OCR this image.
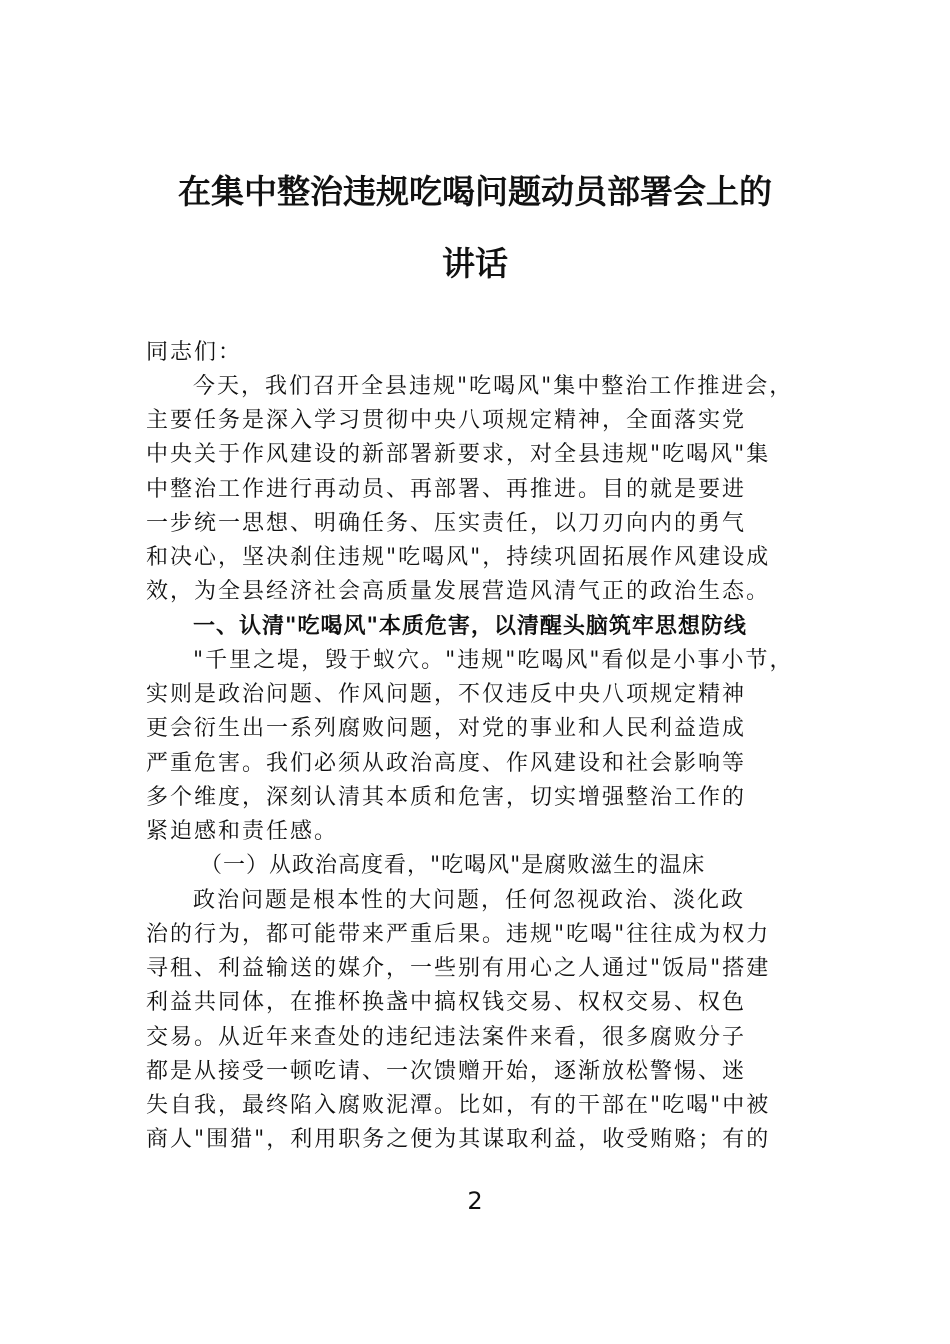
在集中整治违规吃喝问题动员部署会上的
讲话
同志们：
今天，我们召开全县违规"吃喝风"集中整治工作推进会，
主要任务是深入学习贯彻中央八项规定精神，全面落实党
中央关于作风建设的新部署新要求，对全县违规"吃喝风"集
中整治工作进行再动员、再部署、再推进。目的就是要进
一步统一思想、明确任务、压实责任，以刀刃向内的勇气
和决心，坚决刹住违规"吃喝风"，持续巩固拓展作风建设成
效，为全县经济社会高质量发展营造风清气正的政治生态。
一、认清"吃喝风"本质危害，以清醒头脑筑牢思想防线
"千里之堤，毁于蚁穴。"违规"吃喝风"看似是小事小节，
实则是政治问题、作风问题，不仅违反中央八项规定精神
更会衍生出一系列腐败问题，对党的事业和人民利益造成
严重危害。我们必须从政治高度、作风建设和社会影响等
多个维度，深刻认清其本质和危害，切实增强整治工作的
紧迫感和责任感。
（一）从政治高度看，"吃喝风"是腐败滋生的温床
政治问题是根本性的大问题，任何忽视政治、淡化政
治的行为，都可能带来严重后果。违规"吃喝"往往成为权力
寻租、利益输送的媒介，一些别有用心之人通过"饭局"搭建
利益共同体，在推杯换盏中搞权钱交易、权权交易、权色
交易。从近年来查处的违纪违法案件来看，很多腐败分子
都是从接受一顿吃请、一次馈赠开始，逐渐放松警惕、迷
失自我，最终陷入腐败泥潭。比如，有的干部在"吃喝"中被
商人"围猎"，利用职务之便为其谋取利益，收受贿赂；有的
2
